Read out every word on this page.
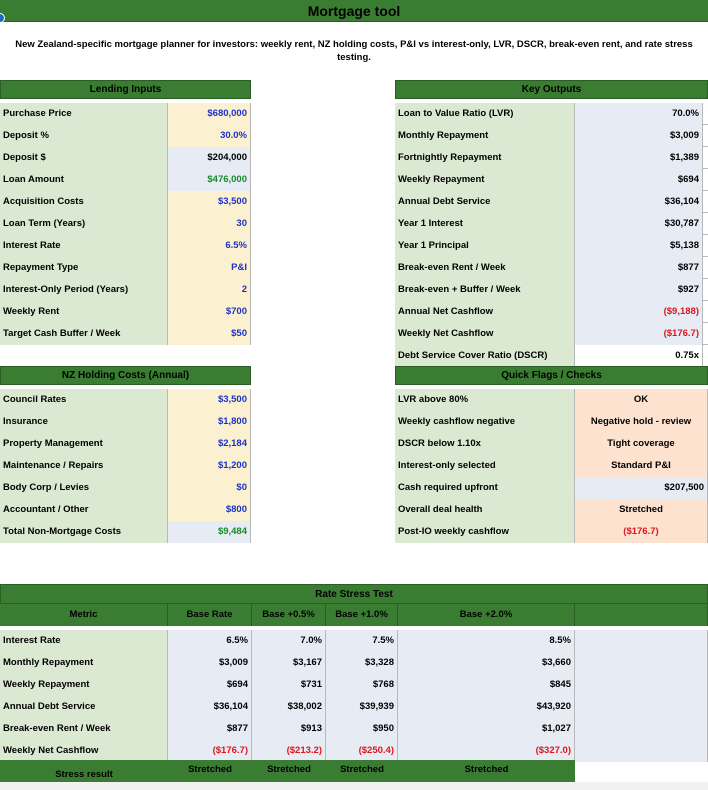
Mortgage tool
New Zealand-specific mortgage planner for investors: weekly rent, NZ holding costs, P&I vs interest-only, LVR, DSCR, break-even rent, and rate stress testing.
Lending Inputs
Purchase Price	$680,000
Deposit %	30.0%
Deposit $	$204,000
Loan Amount	$476,000
Acquisition Costs	$3,500
Loan Term (Years)	30
Interest Rate	6.5%
Repayment Type	P&I
Interest-Only Period (Years)	2
Weekly Rent	$700
Target Cash Buffer / Week	$50
NZ Holding Costs (Annual)
Council Rates	$3,500
Insurance	$1,800
Property Management	$2,184
Maintenance / Repairs	$1,200
Body Corp / Levies	$0
Accountant / Other	$800
Total Non-Mortgage Costs	$9,484
Key Outputs
Loan to Value Ratio (LVR)	70.0%
Monthly Repayment	$3,009
Fortnightly Repayment	$1,389
Weekly Repayment	$694
Annual Debt Service	$36,104
Year 1 Interest	$30,787
Year 1 Principal	$5,138
Break-even Rent / Week	$877
Break-even + Buffer / Week	$927
Annual Net Cashflow	($9,188)
Weekly Net Cashflow	($176.7)
Debt Service Cover Ratio (DSCR)	0.75x
Quick Flags / Checks
LVR above 80%	OK
Weekly cashflow negative	Negative hold - review
DSCR below 1.10x	Tight coverage
Interest-only selected	Standard P&I
Cash required upfront	$207,500
Overall deal health	Stretched
Post-IO weekly cashflow	($176.7)
Rate Stress Test
Metric	Base Rate	Base +0.5%	Base +1.0%	Base +2.0%
Interest Rate	6.5%	7.0%	7.5%	8.5%
Monthly Repayment	$3,009	$3,167	$3,328	$3,660
Weekly Repayment	$694	$731	$768	$845
Annual Debt Service	$36,104	$38,002	$39,939	$43,920
Break-even Rent / Week	$877	$913	$950	$1,027
Weekly Net Cashflow	($176.7)	($213.2)	($250.4)	($327.0)
Stress result	Stretched	Stretched	Stretched	Stretched
